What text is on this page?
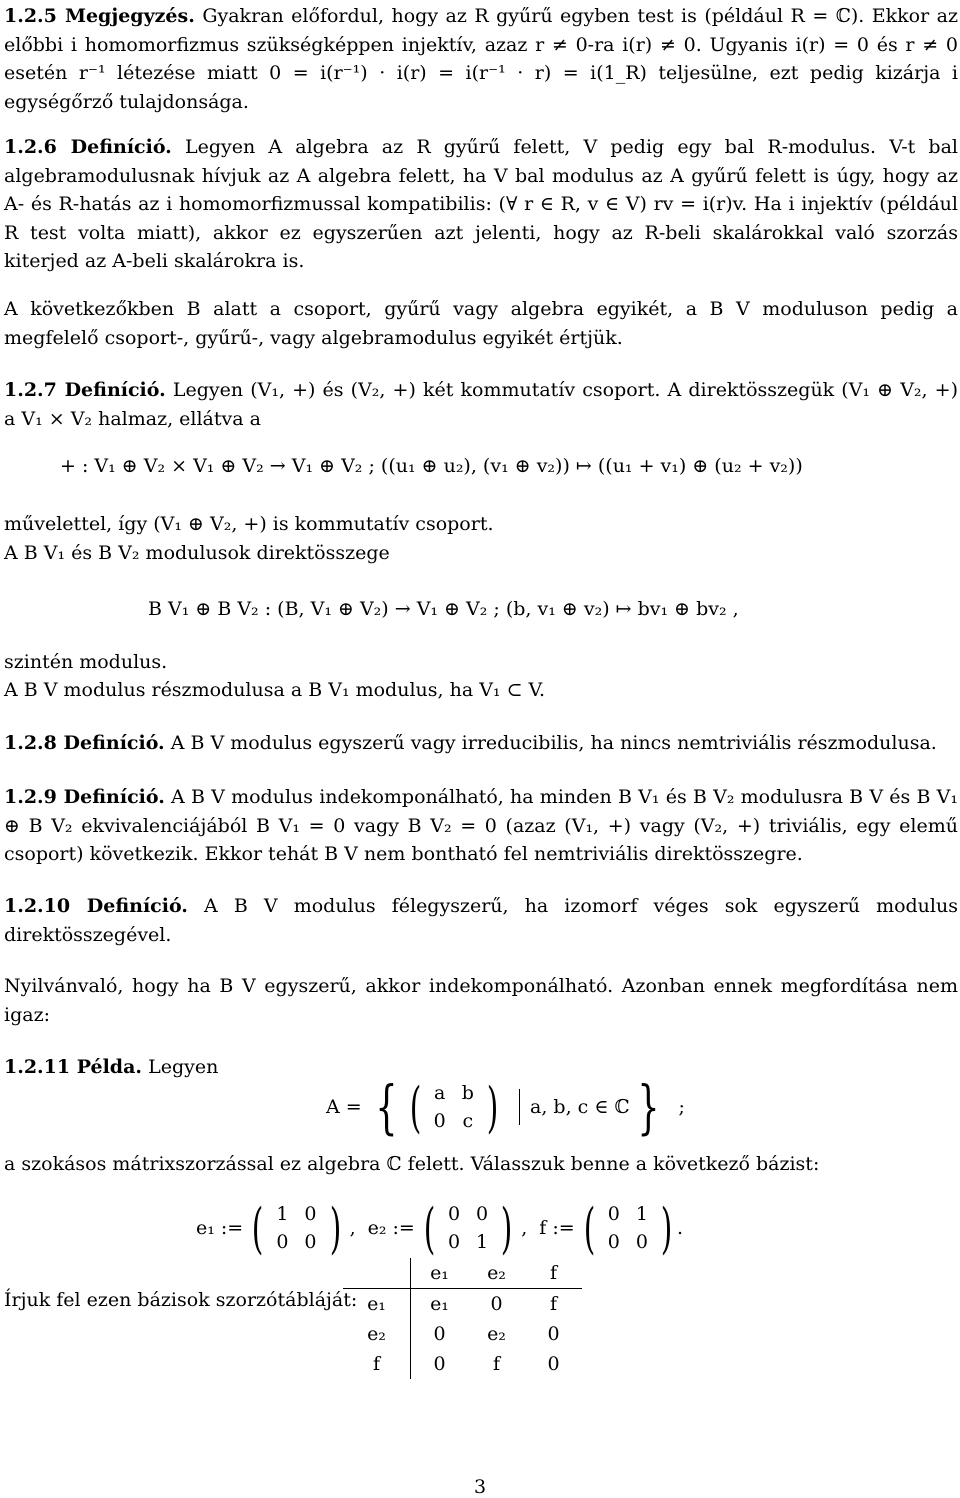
1.2.5 Megjegyzés. Gyakran előfordul, hogy az R gyűrű egyben test is (például R = ℂ). Ekkor az előbbi i homomorfizmus szükségképpen injektív, azaz r ≠ 0-ra i(r) ≠ 0. Ugyanis i(r) = 0 és r ≠ 0 esetén r⁻¹ létezése miatt 0 = i(r⁻¹) · i(r) = i(r⁻¹ · r) = i(1_R) teljesülne, ezt pedig kizárja i egységőrző tulajdonsága.

1.2.6 Definíció. Legyen A algebra az R gyűrű felett, V pedig egy bal R-modulus. V-t bal algebramodulusnak hívjuk az A algebra felett, ha V bal modulus az A gyűrű felett is úgy, hogy az A- és R-hatás az i homomorfizmussal kompatibilis: (∀ r ∈ R, v ∈ V) rv = i(r)v. Ha i injektív (például R test volta miatt), akkor ez egyszerűen azt jelenti, hogy az R-beli skalárokkal való szorzás kiterjed az A-beli skalárokra is.

A következőkben B alatt a csoport, gyűrű vagy algebra egyikét, a B V moduluson pedig a megfelelő csoport-, gyűrű-, vagy algebramodulus egyikét értjük.

1.2.7 Definíció. Legyen (V₁, +) és (V₂, +) két kommutatív csoport. A direktösszegük (V₁ ⊕ V₂, +) a V₁ × V₂ halmaz, ellátva a

+ : V₁ ⊕ V₂ × V₁ ⊕ V₂ → V₁ ⊕ V₂ ; ((u₁ ⊕ u₂), (v₁ ⊕ v₂)) ↦ ((u₁ + v₁) ⊕ (u₂ + v₂))

művelettel, így (V₁ ⊕ V₂, +) is kommutatív csoport.

A B V₁ és B V₂ modulusok direktösszege

B V₁ ⊕ B V₂ : (B, V₁ ⊕ V₂) → V₁ ⊕ V₂ ; (b, v₁ ⊕ v₂) ↦ bv₁ ⊕ bv₂ ,

szintén modulus.

A B V modulus részmodulusa a B V₁ modulus, ha V₁ ⊂ V.

1.2.8 Definíció. A B V modulus egyszerű vagy irreducibilis, ha nincs nemtriviális részmodulusa.

1.2.9 Definíció. A B V modulus indekomponálható, ha minden B V₁ és B V₂ modulusra B V és B V₁ ⊕ B V₂ ekvivalenciájából B V₁ = 0 vagy B V₂ = 0 (azaz (V₁, +) vagy (V₂, +) triviális, egy elemű csoport) következik. Ekkor tehát B V nem bontható fel nemtriviális direktösszegre.

1.2.10 Definíció. A B V modulus félegyszerű, ha izomorf véges sok egyszerű modulus direktösszegével.

Nyilvánvaló, hogy ha B V egyszerű, akkor indekomponálható. Azonban ennek megfordítása nem igaz:

1.2.11 Példa. Legyen

A = { ( a	b
0	c ) a, b, c ∈ ℂ } ;

a szokásos mátrixszorzással ez algebra ℂ felett. Válasszuk benne a következő bázist:

e₁ := ( 1	0
0	0 ) , e₂ := ( 0	0
0	1 ) , f := ( 0	1
0	0 ) .

Írjuk fel ezen bázisok szorzótábláját:

	e₁	e₂	f
e₁	e₁	0	f
e₂	0	e₂	0
f	0	f	0
3
